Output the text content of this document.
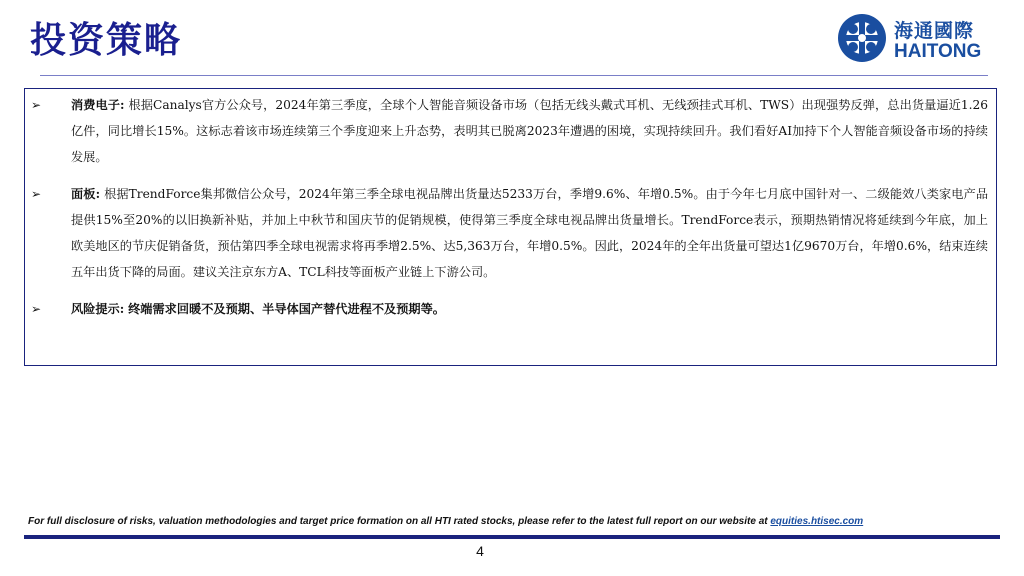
投资策略	海通國際
HAITONG
➢	消费电子: 根据Canalys官方公众号，2024年第三季度，全球个人智能音频设备市场（包括无线头戴式耳机、无线颈挂式耳机、TWS）出现强势反弹，总出货量逼近1.26亿件，同比增长15%。这标志着该市场连续第三个季度迎来上升态势，表明其已脱离2023年遭遇的困境，实现持续回升。我们看好AI加持下个人智能音频设备市场的持续发展。
➢	面板: 根据TrendForce集邦微信公众号，2024年第三季全球电视品牌出货量达5233万台，季增9.6%、年增0.5%。由于今年七月底中国针对一、二级能效八类家电产品提供15%至20%的以旧换新补贴，并加上中秋节和国庆节的促销规模，使得第三季度全球电视品牌出货量增长。TrendForce表示，预期热销情况将延续到今年底，加上欧美地区的节庆促销备货，预估第四季全球电视需求将再季增2.5%、达5,363万台，年增0.5%。因此，2024年的全年出货量可望达1亿9670万台，年增0.6%，结束连续五年出货下降的局面。建议关注京东方A、TCL科技等面板产业链上下游公司。
➢	风险提示: 终端需求回暖不及预期、半导体国产替代进程不及预期等。
For full disclosure of risks, valuation methodologies and target price formation on all HTI rated stocks, please refer to the latest full report on our website at equities.htisec.com
4
